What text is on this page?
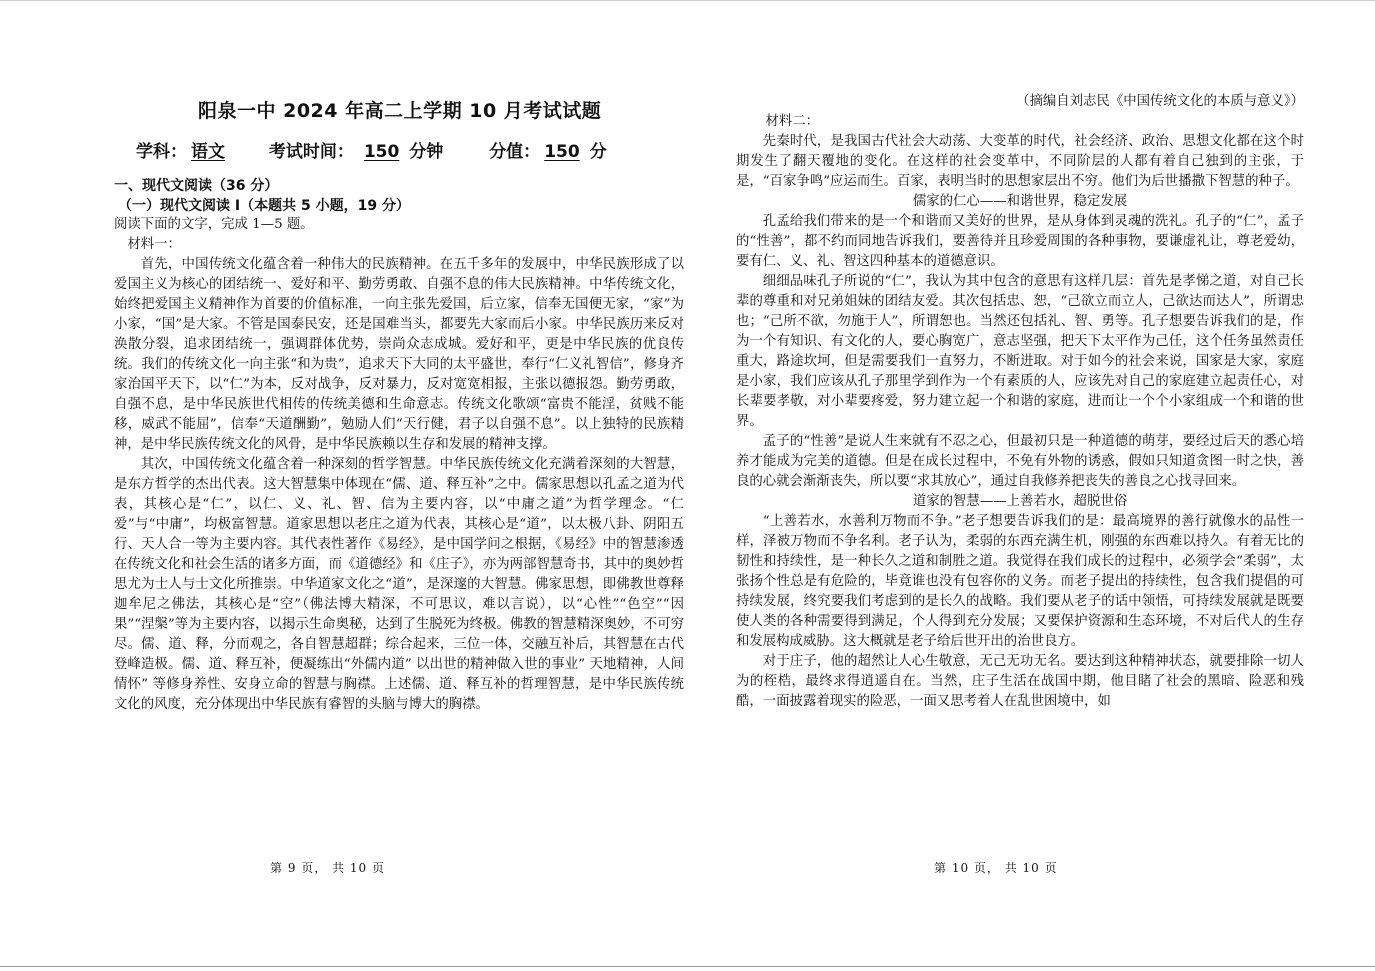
阳泉一中 2024 年高二上学期 10 月考试试题
学科： 语文	考试时间： 150 分钟	分值： 150 分
一、现代文阅读（36 分）
（一）现代文阅读 I（本题共 5 小题，19 分）

阅读下面的文字，完成 1—5 题。

材料一：

首先，中国传统文化蕴含着一种伟大的民族精神。在五千多年的发展中，中华民族形成了以爱国主义为核心的团结统一、爱好和平、勤劳勇敢、自强不息的伟大民族精神。中华传统文化，始终把爱国主义精神作为首要的价值标准，一向主张先爱国，后立家，信奉无国便无家，“家”为小家，“国”是大家。不管是国泰民安，还是国难当头，都要先大家而后小家。中华民族历来反对涣散分裂，追求团结统一，强调群体优势，崇尚众志成城。爱好和平，更是中华民族的优良传统。我们的传统文化一向主张“和为贵”，追求天下大同的太平盛世，奉行“仁义礼智信”，修身齐家治国平天下，以“仁”为本，反对战争，反对暴力，反对宽宽相报，主张以德报怨。勤劳勇敢，自强不息，是中华民族世代相传的传统美德和生命意志。传统文化歌颂“富贵不能淫，贫贱不能移，威武不能屈”，信奉“天道酬勤”，勉励人们“天行健，君子以自强不息”。以上独特的民族精神，是中华民族传统文化的风骨，是中华民族赖以生存和发展的精神支撑。

其次，中国传统文化蕴含着一种深刻的哲学智慧。中华民族传统文化充满着深刻的大智慧，是东方哲学的杰出代表。这大智慧集中体现在“儒、道、释互补”之中。儒家思想以孔孟之道为代表，其核心是“仁”，以仁、义、礼、智、信为主要内容，以“中庸之道”为哲学理念。“仁爱”与“中庸”，均极富智慧。道家思想以老庄之道为代表，其核心是“道”，以太极八卦、阴阳五行、天人合一等为主要内容。其代表性著作《易经》，是中国学问之根据，《易经》中的智慧渗透在传统文化和社会生活的诸多方面，而《道德经》和《庄子》，亦为两部智慧奇书，其中的奥妙哲思尤为士人与士文化所推崇。中华道家文化之“道”，是深邃的大智慧。佛家思想，即佛教世尊释迦牟尼之佛法，其核心是“空”（佛法博大精深，不可思议，难以言说），以“心性”“色空”“因果”“涅槃”等为主要内容，以揭示生命奥秘，达到了生脱死为终极。佛教的智慧精深奥妙，不可穷尽。儒、道、释，分而观之，各自智慧超群；综合起来，三位一体，交融互补后，其智慧在古代登峰造极。儒、道、释互补，便凝练出“外儒内道” 以出世的精神做入世的事业” 天地精神，人间情怀” 等修身养性、安身立命的智慧与胸襟。上述儒、道、释互补的哲理智慧，是中华民族传统文化的风度，充分体现出中华民族有睿智的头脑与博大的胸襟。

（摘编自刘志民《中国传统文化的本质与意义》）

材料二：

先秦时代，是我国古代社会大动荡、大变革的时代，社会经济、政治、思想文化都在这个时期发生了翻天覆地的变化。在这样的社会变革中，不同阶层的人都有着自己独到的主张，于是，“百家争鸣”应运而生。百家，表明当时的思想家层出不穷。他们为后世播撒下智慧的种子。

儒家的仁心——和谐世界，稳定发展

孔孟给我们带来的是一个和谐而又美好的世界，是从身体到灵魂的洗礼。孔子的“仁”，孟子的“性善”，都不约而同地告诉我们，要善待并且珍爱周围的各种事物，要谦虚礼让，尊老爱幼，要有仁、义、礼、智这四种基本的道德意识。

细细品味孔子所说的“仁”，我认为其中包含的意思有这样几层：首先是孝悌之道，对自己长辈的尊重和对兄弟姐妹的团结友爱。其次包括忠、恕，“己欲立而立人，己欲达而达人”，所谓忠也；“己所不欲，勿施于人”，所谓恕也。当然还包括礼、智、勇等。孔子想要告诉我们的是，作为一个有知识、有文化的人，要心胸宽广，意志坚强，把天下太平作为己任，这个任务虽然责任重大，路途坎坷，但是需要我们一直努力，不断进取。对于如今的社会来说，国家是大家，家庭是小家，我们应该从孔子那里学到作为一个有素质的人，应该先对自己的家庭建立起责任心，对长辈要孝敬，对小辈要疼爱，努力建立起一个和谐的家庭，进而让一个个小家组成一个和谐的世界。

孟子的“性善”是说人生来就有不忍之心，但最初只是一种道德的萌芽，要经过后天的悉心培养才能成为完美的道德。但是在成长过程中，不免有外物的诱惑，假如只知道贪图一时之快，善良的心就会渐渐丧失，所以要“求其放心”，通过自我修养把丧失的善良之心找寻回来。

道家的智慧——上善若水，超脱世俗

“上善若水，水善利万物而不争。”老子想要告诉我们的是：最高境界的善行就像水的品性一样，泽被万物而不争名利。老子认为，柔弱的东西充满生机，刚强的东西难以持久。有着无比的韧性和持续性，是一种长久之道和制胜之道。我觉得在我们成长的过程中，必须学会“柔弱”，太张扬个性总是有危险的，毕竟谁也没有包容你的义务。而老子提出的持续性，包含我们提倡的可持续发展，终究要我们考虑到的是长久的战略。我们要从老子的话中领悟，可持续发展就是既要使人类的各种需要得到满足，个人得到充分发展；又要保护资源和生态环境，不对后代人的生存和发展构成威胁。这大概就是老子给后世开出的治世良方。

对于庄子，他的超然让人心生敬意，无己无功无名。要达到这种精神状态，就要排除一切人为的桎梏，最终求得逍遥自在。当然，庄子生活在战国中期，他目睹了社会的黑暗、险恶和残酷，一面披露着现实的险恶，一面又思考着人在乱世困境中，如

第 9 页， 共 10 页	第 10 页， 共 10 页
